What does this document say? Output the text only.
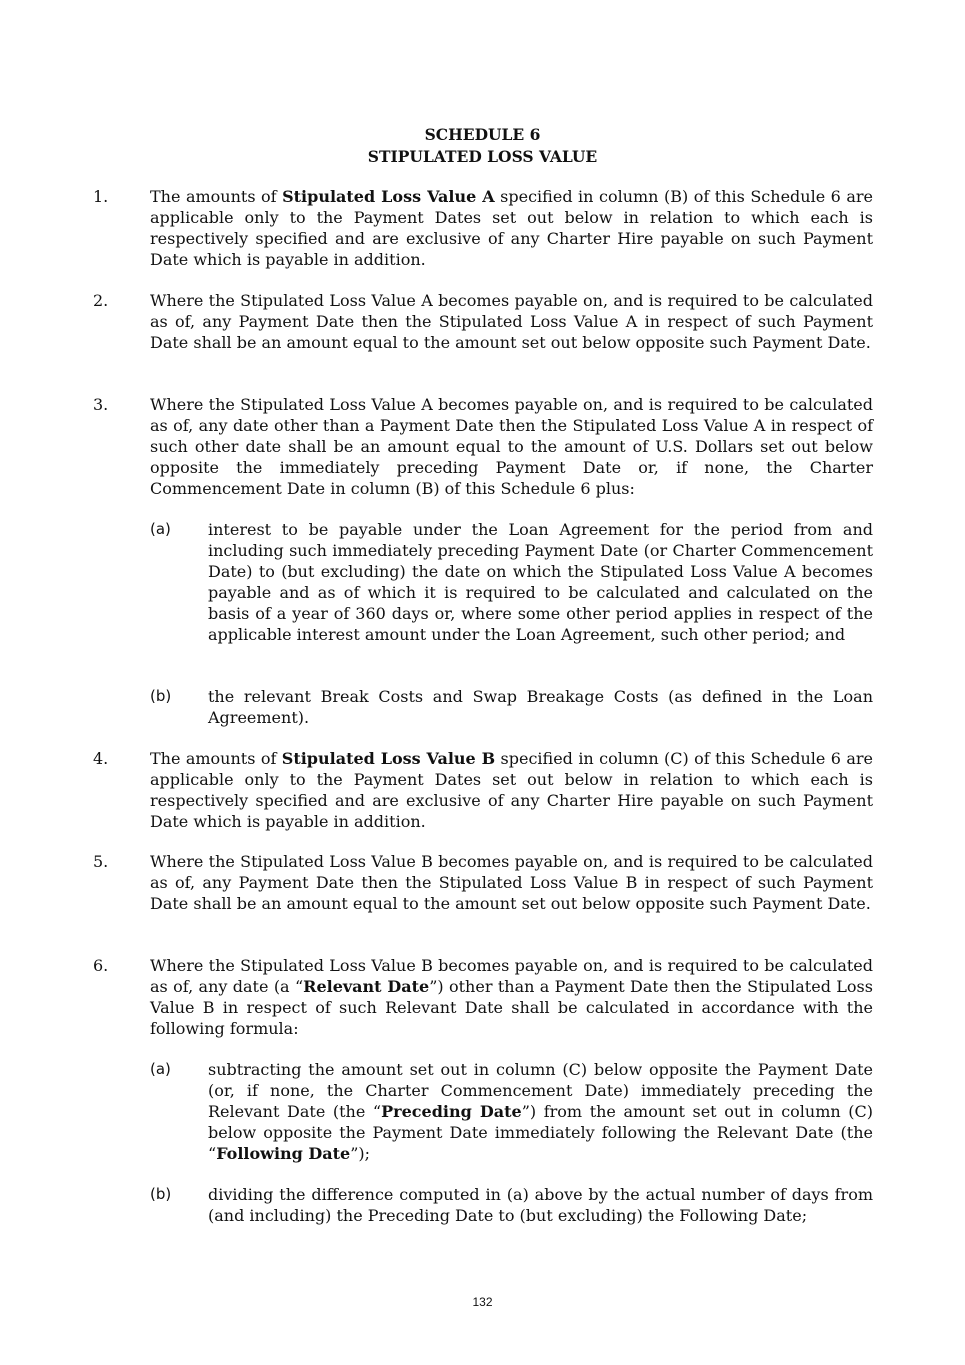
SCHEDULE 6
STIPULATED LOSS VALUE
1.	The amounts of Stipulated Loss Value A specified in column (B) of this Schedule 6 are applicable only to the Payment Dates set out below in relation to which each is respectively specified and are exclusive of any Charter Hire payable on such Payment Date which is payable in addition.
2.	Where the Stipulated Loss Value A becomes payable on, and is required to be calculated as of, any Payment Date then the Stipulated Loss Value A in respect of such Payment Date shall be an amount equal to the amount set out below opposite such Payment Date.
3.	Where the Stipulated Loss Value A becomes payable on, and is required to be calculated as of, any date other than a Payment Date then the Stipulated Loss Value A in respect of such other date shall be an amount equal to the amount of U.S. Dollars set out below opposite the immediately preceding Payment Date or, if none, the Charter Commencement Date in column (B) of this Schedule 6 plus:
(a) interest to be payable under the Loan Agreement for the period from and including such immediately preceding Payment Date (or Charter Commencement Date) to (but excluding) the date on which the Stipulated Loss Value A becomes payable and as of which it is required to be calculated and calculated on the basis of a year of 360 days or, where some other period applies in respect of the applicable interest amount under the Loan Agreement, such other period; and
(b) the relevant Break Costs and Swap Breakage Costs (as defined in the Loan Agreement).
4.	The amounts of Stipulated Loss Value B specified in column (C) of this Schedule 6 are applicable only to the Payment Dates set out below in relation to which each is respectively specified and are exclusive of any Charter Hire payable on such Payment Date which is payable in addition.
5.	Where the Stipulated Loss Value B becomes payable on, and is required to be calculated as of, any Payment Date then the Stipulated Loss Value B in respect of such Payment Date shall be an amount equal to the amount set out below opposite such Payment Date.
6.	Where the Stipulated Loss Value B becomes payable on, and is required to be calculated as of, any date (a “Relevant Date”) other than a Payment Date then the Stipulated Loss Value B in respect of such Relevant Date shall be calculated in accordance with the following formula:
(a) subtracting the amount set out in column (C) below opposite the Payment Date (or, if none, the Charter Commencement Date) immediately preceding the Relevant Date (the “Preceding Date”) from the amount set out in column (C) below opposite the Payment Date immediately following the Relevant Date (the “Following Date”);
(b) dividing the difference computed in (a) above by the actual number of days from (and including) the Preceding Date to (but excluding) the Following Date;
132
